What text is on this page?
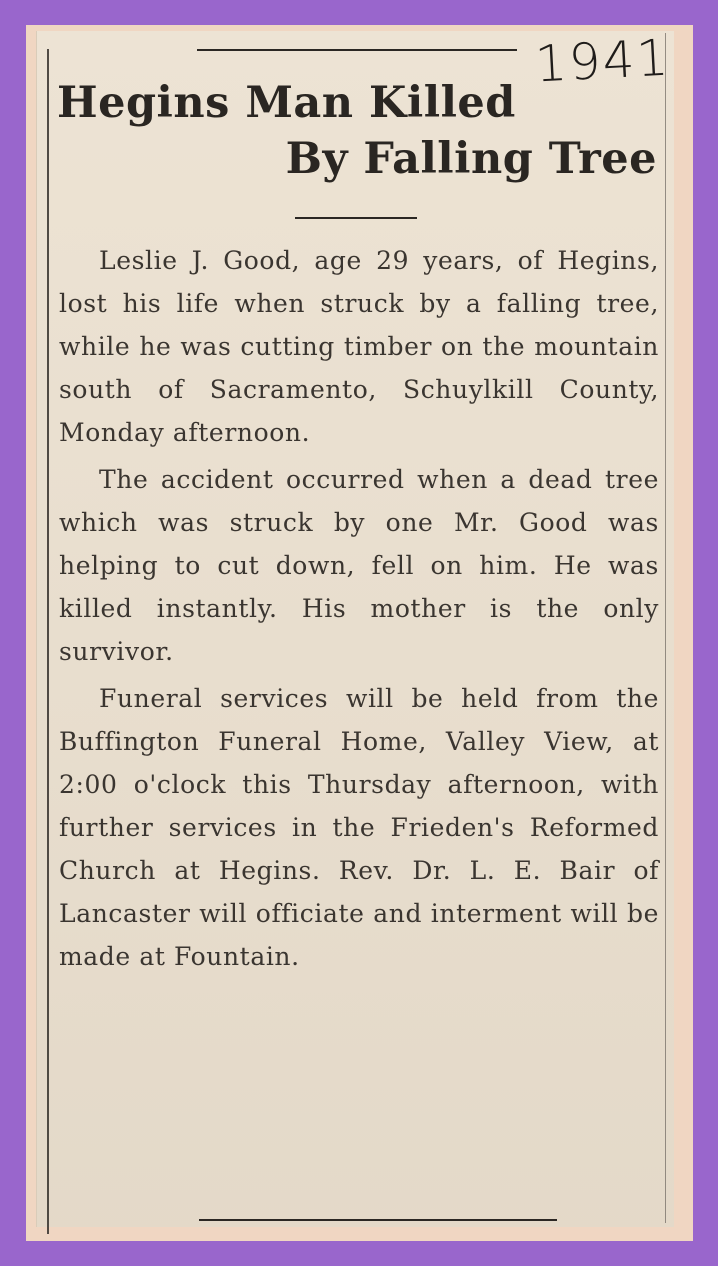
1941
Hegins Man Killed
By Falling Tree

Leslie J. Good, age 29 years, of Hegins, lost his life when struck by a falling tree, while he was cutting timber on the mountain south of Sacramento, Schuylkill County, Monday afternoon.

The accident occurred when a dead tree which was struck by one Mr. Good was helping to cut down, fell on him. He was killed instantly. His mother is the only survivor.

Funeral services will be held from the Buffington Funeral Home, Valley View, at 2:00 o'clock this Thursday afternoon, with further services in the Frieden's Reformed Church at Hegins. Rev. Dr. L. E. Bair of Lancaster will officiate and interment will be made at Fountain.
